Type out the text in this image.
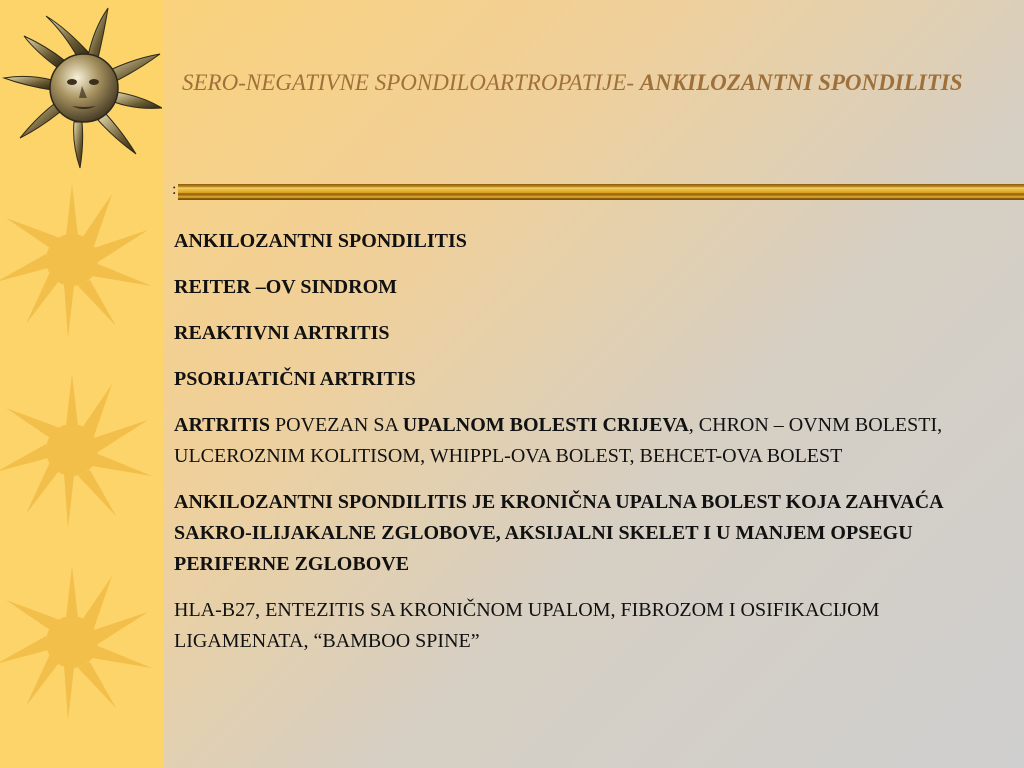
SERO-NEGATIVNE SPONDILOARTROPATIJE- ANKILOZANTNI SPONDILITIS
:

ANKILOZANTNI SPONDILITIS

REITER –OV SINDROM

REAKTIVNI ARTRITIS

PSORIJATIČNI ARTRITIS

ARTRITIS POVEZAN SA UPALNOM BOLESTI CRIJEVA, CHRON – OVNM BOLESTI, ULCEROZNIM KOLITISOM, WHIPPL-OVA BOLEST, BEHCET-OVA BOLEST

ANKILOZANTNI SPONDILITIS JE KRONIČNA UPALNA BOLEST KOJA ZAHVAĆA SAKRO-ILIJAKALNE ZGLOBOVE, AKSIJALNI SKELET I U MANJEM OPSEGU PERIFERNE ZGLOBOVE

HLA-B27, ENTEZITIS SA KRONIČNOM UPALOM, FIBROZOM I OSIFIKACIJOM LIGAMENATA, “BAMBOO SPINE”
